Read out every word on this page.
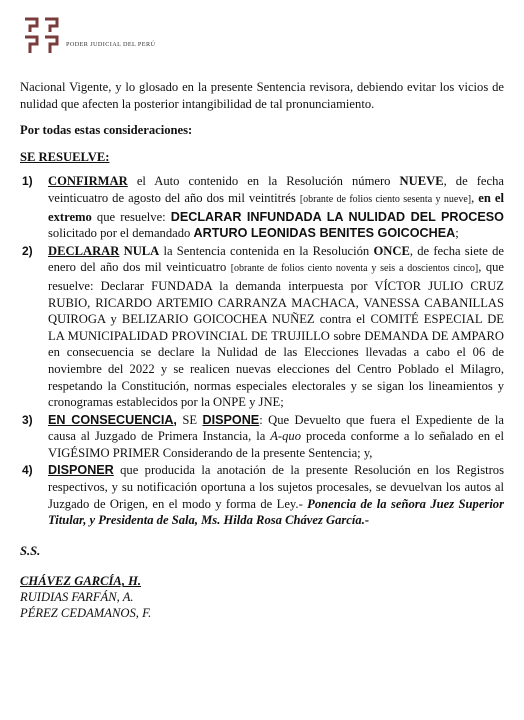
PODER JUDICIAL DEL PERÚ

Nacional Vigente, y lo glosado en la presente Sentencia revisora, debiendo evitar los vicios de nulidad que afecten la posterior intangibilidad de tal pronunciamiento.

Por todas estas consideraciones:

SE RESUELVE:

1)	CONFIRMAR el Auto contenido en la Resolución número NUEVE, de fecha veinticuatro de agosto del año dos mil veintitrés [obrante de folios ciento sesenta y nueve], en el extremo que resuelve: DECLARAR INFUNDADA LA NULIDAD DEL PROCESO solicitado por el demandado ARTURO LEONIDAS BENITES GOICOCHEA;
2)	DECLARAR NULA la Sentencia contenida en la Resolución ONCE, de fecha siete de enero del año dos mil veinticuatro [obrante de folios ciento noventa y seis a doscientos cinco], que resuelve: Declarar FUNDADA la demanda interpuesta por VÍCTOR JULIO CRUZ RUBIO, RICARDO ARTEMIO CARRANZA MACHACA, VANESSA CABANILLAS QUIROGA y BELIZARIO GOICOCHEA NUÑEZ contra el COMITÉ ESPECIAL DE LA MUNICIPALIDAD PROVINCIAL DE TRUJILLO sobre DEMANDA DE AMPARO en consecuencia se declare la Nulidad de las Elecciones llevadas a cabo el 06 de noviembre del 2022 y se realicen nuevas elecciones del Centro Poblado el Milagro, respetando la Constitución, normas especiales electorales y se sigan los lineamientos y cronogramas establecidos por la ONPE y JNE;
3)	EN CONSECUENCIA, SE DISPONE: Que Devuelto que fuera el Expediente de la causa al Juzgado de Primera Instancia, la A-quo proceda conforme a lo señalado en el VIGÉSIMO PRIMER Considerando de la presente Sentencia; y,
4)	DISPONER que producida la anotación de la presente Resolución en los Registros respectivos, y su notificación oportuna a los sujetos procesales, se devuelvan los autos al Juzgado de Origen, en el modo y forma de Ley.- Ponencia de la señora Juez Superior Titular, y Presidenta de Sala, Ms. Hilda Rosa Chávez García.-

S.S.

CHÁVEZ GARCÍA, H.
RUIDIAS FARFÁN, A.
PÉREZ CEDAMANOS, F.
